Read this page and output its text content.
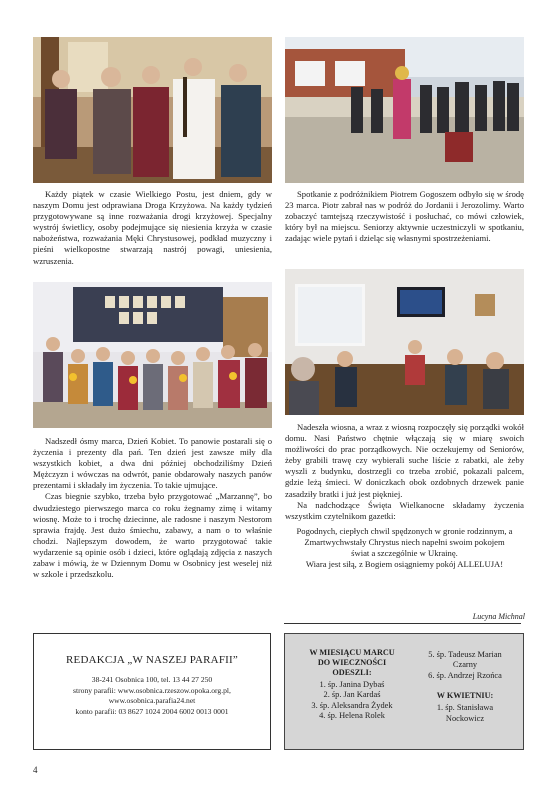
Każdy piątek w czasie Wielkiego Postu, jest dniem, gdy w naszym Domu jest odprawiana Droga Krzyżowa. Na każdy tydzień przygotowywane są inne rozważania drogi krzyżowej. Specjalny wystrój świetlicy, osoby podejmujące się niesienia krzyża w czasie nabożeństwa, rozważania Męki Chrystusowej, podkład muzyczny i pieśni wielkopostne stwarzają nastrój powagi, uniesienia, wzruszenia.

Spotkanie z podróżnikiem Piotrem Gogoszem odbyło się w środę 23 marca. Piotr zabrał nas w podróż do Jordanii i Jerozolimy. Warto zobaczyć tamtejszą rzeczywistość i posłuchać, co mówi człowiek, który był na miejscu. Seniorzy aktywnie uczestniczyli w spotkaniu, zadając wiele pytań i dzieląc się własnymi spostrzeżeniami.

Nadszedł ósmy marca, Dzień Kobiet. To panowie postarali się o życzenia i prezenty dla pań. Ten dzień jest zawsze miły dla wszystkich kobiet, a dwa dni później obchodziliśmy Dzień Mężczyzn i wówczas na odwrót, panie obdarowały naszych panów prezentami i składały im życzenia. To takie ujmujące.

Czas biegnie szybko, trzeba było przygotować „Marzannę”, bo dwudziestego pierwszego marca co roku żegnamy zimę i witamy wiosnę. Może to i trochę dziecinne, ale radosne i naszym Nestorom sprawia frajdę. Jest dużo śmiechu, zabawy, a nam o to właśnie chodzi. Najlepszym dowodem, że warto przygotować takie wydarzenie są opinie osób i dzieci, które oglądają zdjęcia z naszych zabaw i mówią, że w Dziennym Domu w Osobnicy jest weselej niż w szkole i przedszkolu.

Nadeszła wiosna, a wraz z wiosną rozpoczęły się porządki wokół domu. Nasi Państwo chętnie włączają się w miarę swoich możliwości do prac porządkowych. Nie oczekujemy od Seniorów, żeby grabili trawę czy wybierali suche liście z rabatki, ale żeby wyszli z budynku, dostrzegli co trzeba zrobić, pokazali palcem, gdzie leżą śmieci. W doniczkach obok ozdobnych drzewek panie zasadziły bratki i już jest piękniej.

Na nadchodzące Święta Wielkanocne składamy życzenia wszystkim czytelnikom gazetki:

Pogodnych, ciepłych chwil spędzonych w gronie rodzinnym, a Zmartwychwstały Chrystus niech napełni swoim pokojem świat a szczególnie w Ukrainę.
Wiara jest siłą, z Bogiem osiągniemy pokój ALLELUJA!
Lucyna Michnal
REDAKCJA „W NASZEJ PARAFII”
38-241 Osobnica 100, tel. 13 44 27 250
strony parafii: www.osobnica.rzeszow.opoka.org.pl,
www.osobnica.parafia24.net
konto parafii: 03 8627 1024 2004 6002 0013 0001
W MIESIĄCU MARCU
DO WIECZNOŚCI
ODESZLI:
1. śp. Janina Dybaś
2. śp. Jan Kardaś
3. śp. Aleksandra Żydek
4. śp. Helena Rolek
5. śp. Tadeusz Marian
Czarny
6. śp. Andrzej Rzońca
W KWIETNIU:
1. śp. Stanisława
Nockowicz
4
